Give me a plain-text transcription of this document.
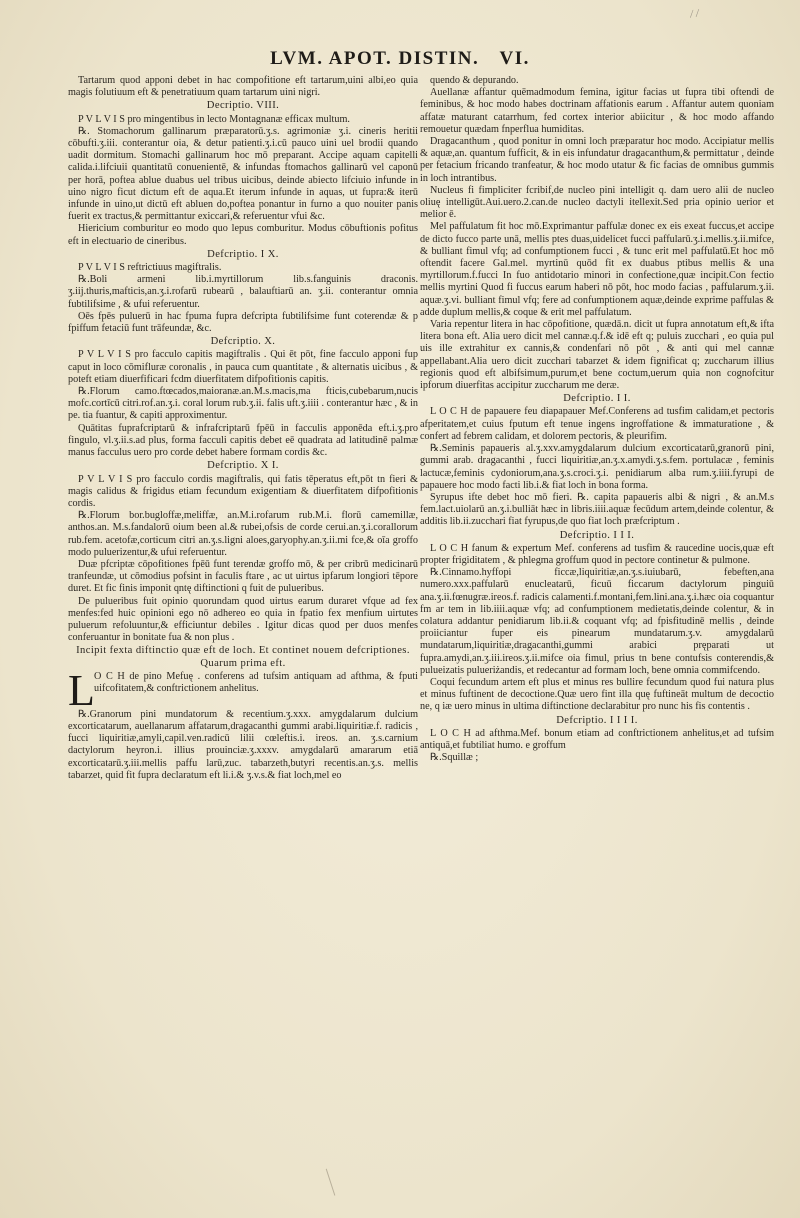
/ /
LVM. APOT. DISTIN. VI.

Tartarum quod apponi debet in hac compofitione eft tartarum,uini albi,eo quia magis folutiuum eft & penetratiuum quam tartarum uini nigri.

Decriptio. VIII.

P V L V I S pro mingentibus in lecto Montagnanæ efficax multum.

℞. Stomachorum gallinarum præparatorū.ʒ.s. agrimoniæ ʒ.i. cineris heritii cōbufti.ʒ.iii. conterantur oia, & detur patienti.ʒ.i.cū pauco uini uel brodii quando uadit dormitum. Stomachi gallinarum hoc mō preparant. Accipe aquam capitelli calida.i.lifciuii quantitatū conuenientē, & infundas ftomachos gallinarū vel caponū per horā, poftea ablue duabus uel tribus uicibus, deinde abiecto lifciuio infunde in uino nigro ficut dictum eft de aqua.Et iterum infunde in aquas, ut fupra:& iterū infunde in uino,ut dictū eft abluen do,poftea ponantur in furno a quo nouiter panis fuerit ex tractus,& permittantur exiccari,& referuentur vfui &c.

Hiericium comburitur eo modo quo lepus comburitur. Modus cōbuftionis pofitus eft in electuario de cineribus.

Defcriptio. I X.

P V L V I S reftrictiuus magiftralis.

℞.Boli armeni lib.i.myrtillorum lib.s.fanguinis draconis. ʒ.iij.thuris,mafticis,an.ʒ.i.rofarū rubearū , balauftiarū an. ʒ.ii. conterantur omnia fubtilifsime , & ufui referuentur.

Oēs fpēs puluerū in hac fpuma fupra defcripta fubtilifsime funt coterendæ & p fpiffum fetaciū funt trāfeundæ, &c.

Defcriptio. X.

P V L V I S pro facculo capitis magiftralis . Qui ēt pōt, fine facculo apponi fup caput in loco cōmifluræ coronalis , in pauca cum quantitate , & alternatis uicibus , & poteft etiam diuerfificari fcdm diuerfitatem difpofitionis capitis.

℞.Florum camo.ftœcados,maioranæ.an.M.s.macis,ma fticis,cubebarum,nucis mofc.cortīcū citri.rof.an.ʒ.i. coral lorum rub.ʒ.ii. falis uft.ʒ.iiii . conterantur hæc , & in pe. tia fuantur, & capiti approximentur.

Quātitas fuprafcriptarū & infrafcriptarū fpēū in facculis apponēda eft.i.ʒ.pro fingulo, vl.ʒ.ii.s.ad plus, forma facculi capitis debet eē quadrata ad latitudinē palmæ manus facculus uero pro corde debet habere formam cordis &c.

Defcriptio. X I.

P V L V I S pro facculo cordis magiftralis, qui fatis tēperatus eft,pōt tn fieri & magis calidus & frigidus etiam fecundum exigentiam & diuerfitatem difpofitionis cordis.

℞.Florum bor.bugloffæ,meliffæ, an.M.i.rofarum rub.M.i. florū camemillæ, anthos.an. M.s.fandalorū oium been al.& rubei,ofsis de corde cerui.an.ʒ.i.corallorum rub.fem. acetofæ,corticum citri an.ʒ.s.ligni aloes,garyophy.an.ʒ.ii.mi fce,& oīa groffo modo puluerizentur,& ufui referuentur.

Duæ pfcriptæ cōpofitiones fpēū funt terendæ groffo mō, & per cribrū medicinarū tranfeundæ, ut cōmodius pofsint in faculis ftare , ac ut uirtus ipfarum longiori tēpore duret. Et fic finis imponit qntę diftinctioni q fuit de pulueribus.

De pulueribus fuit opinio quorundam quod uirtus earum duraret vfque ad fex menfes:fed huic opinioni ego nō adhereo eo quia in fpatio fex menfium uirtutes puluerum refoluuntur,& efficiuntur debiles . Igitur dicas quod per duos menfes conferuantur in bonitate fua & non plus .

Incipit fexta diftinctio quæ eft de loch. Et continet nouem defcriptiones. Quarum prima eft.
L O C H de pino Mefuę . conferens ad tufsim antiquam ad afthma, & fputi uifcofitatem,& conftrictionem anhelitus.

℞.Granorum pini mundatorum & recentium.ʒ.xxx. amygdalarum dulcium excorticatarum, auellanarum affatarum,dragacanthi gummi arabi.liquiritiæ.f. radicis , fucci liquiritiæ,amyli,capil.ven.radicū lilii cœleftis.i. ireos. an. ʒ.s.carnium dactylorum heyron.i. illius prouinciæ.ʒ.xxxv. amygdalarū amararum etiā excorticatarū.ʒ.iii.mellis paffu larū,zuc. tabarzeth,butyri recentis.an.ʒ.s. mellis tabarzet, quid fit fupra declaratum eft li.i.& ʒ.v.s.& fiat loch,mel eo

quendo & depurando.

Auellanæ affantur quēmadmodum femina, igitur facias ut fupra tibi oftendi de feminibus, & hoc modo habes doctrinam affationis earum . Affantur autem quoniam affatæ maturant catarrhum, fed cortex interior abiicitur , & hoc modo affando remouetur quædam fnperflua humiditas.

Dragacanthum , quod ponitur in omni loch præparatur hoc modo. Accipiatur mellis & aquæ,an. quantum fufficit, & in eis infundatur dragacanthum,& permittatur , deinde per fetacium fricando tranfeatur, & hoc modo utatur & fic facias de omnibus gummis in loch intrantibus.

Nucleus fi fimpliciter fcribif,de nucleo pini intelligit q. dam uero alii de nucleo oliuę intelligūt.Aui.uero.2.can.de nucleo dactyli itellexit.Sed pria opinio uerior et melior ē.

Mel paffulatum fit hoc mō.Exprimantur paffulæ donec ex eis exeat fuccus,et accipe de dicto fucco parte unā, mellis ptes duas,uidelicet fucci paffularū.ʒ.i.mellis.ʒ.ii.mifce, & bulliant fimul vfq; ad confumptionem fucci , & tunc erit mel paffulatū.Et hoc mō oftendit facere Gal.mel. myrtinū quōd fit ex duabus ptibus mellis & una myrtillorum.f.fucci In fuo antidotario minori in confectione,quæ incipit.Con fectio mellis myrtini Quod fi fuccus earum haberi nō pōt, hoc modo facias , paffularum.ʒ.ii. aquæ.ʒ.vi. bulliant fimul vfq; fere ad confumptionem aquæ,deinde exprime paffulas & adde duplum mellis,& coque & erit mel paffulatum.

Varia repentur litera in hac cōpofitione, quædā.n. dicit ut fupra annotatum eft,& ifta litera bona eft. Alia uero dicit mel cannæ.q.f.& idē eft q; puluis zucchari , eo quia pul uis ille extrahitur ex cannis,& condenfari nō pōt , & anti qui mel cannæ appellabant.Alia uero dicit zucchari tabarzet & idem fignificat q; zuccharum illius regionis quod eft albifsimum,purum,et bene coctum,uerum quia non cognofcitur ipforum diuerfitas accipitur zuccharum me deræ.

Defcriptio. I I.

L O C H de papauere feu diapapauer Mef.Conferens ad tusfim calidam,et pectoris afperitatem,et cuius fputum eft tenue ingens ingroffatione & immaturatione , & confert ad febrem calidam, et dolorem pectoris, & pleurifim.

℞.Seminis papaueris al.ʒ.xxv.amygdalarum dulcium excorticatarū,granorū pini, gummi arab. dragacanthi , fucci liquiritiæ,an.ʒ.x.amydi.ʒ.s.fem. portulacæ , feminis lactucæ,feminis cydoniorum,ana.ʒ.s.croci.ʒ.i. penidiarum alba rum.ʒ.iiii.fyrupi de papauere hoc modo facti lib.i.& fiat loch in bona forma.

Syrupus ifte debet hoc mō fieri. ℞. capita papaueris albi & nigri , & an.M.s fem.lact.uiolarū an.ʒ.i.bulliāt hæc in libris.iiii.aquæ fecūdum artem,deinde colentur, & additis lib.ii.zucchari fiat fyrupus,de quo fiat loch præfcriptum .

Defcriptio. I I I.

L O C H fanum & expertum Mef. conferens ad tusfim & raucedine uocis,quæ eft propter frigiditatem , & phlegma groffum quod in pectore continetur & pulmone.

℞.Cinnamo.hyffopi ficcæ,liquiritiæ,an.ʒ.s.iuiubarū, febeften,ana numero.xxx.paffularū enucleatarū, ficuū ficcarum dactylorum pinguiū ana.ʒ.ii.fœnugræ.ireos.f. radicis calamenti.f.montani,fem.lini.ana.ʒ.i.hæc oia coquantur fm ar tem in lib.iiii.aquæ vfq; ad confumptionem medietatis,deinde colentur, & in colatura addantur penidiarum lib.ii.& coquant vfq; ad fpisfitudinē mellis , deinde proiiciantur fuper eis pinearum mundatarum.ʒ.v. amygdalarū mundatarum,liquiritiæ,dragacanthi,gummi arabici pręparati ut fupra.amydi,an.ʒ.iii.ireos.ʒ.ii.mifce oia fimul, prius tn bene contufsis conterendis,& pulueizatis pulueriżandis, et redecantur ad formam loch, bene omnia commifcendo.

Coqui fecundum artem eft plus et minus res bullire fecundum quod fui natura plus et minus fuftinent de decoctione.Quæ uero fint illa quę fuftineāt multum de decoctio ne, q iæ uero minus in ultima diftinctione declarabitur pro nunc his fis contentis .

Defcriptio. I I I I.

L O C H ad afthma.Mef. bonum etiam ad conftrictionem anhelitus,et ad tufsim antiquā,et fubtiliat humo. e groffum

℞.Squillæ ;
